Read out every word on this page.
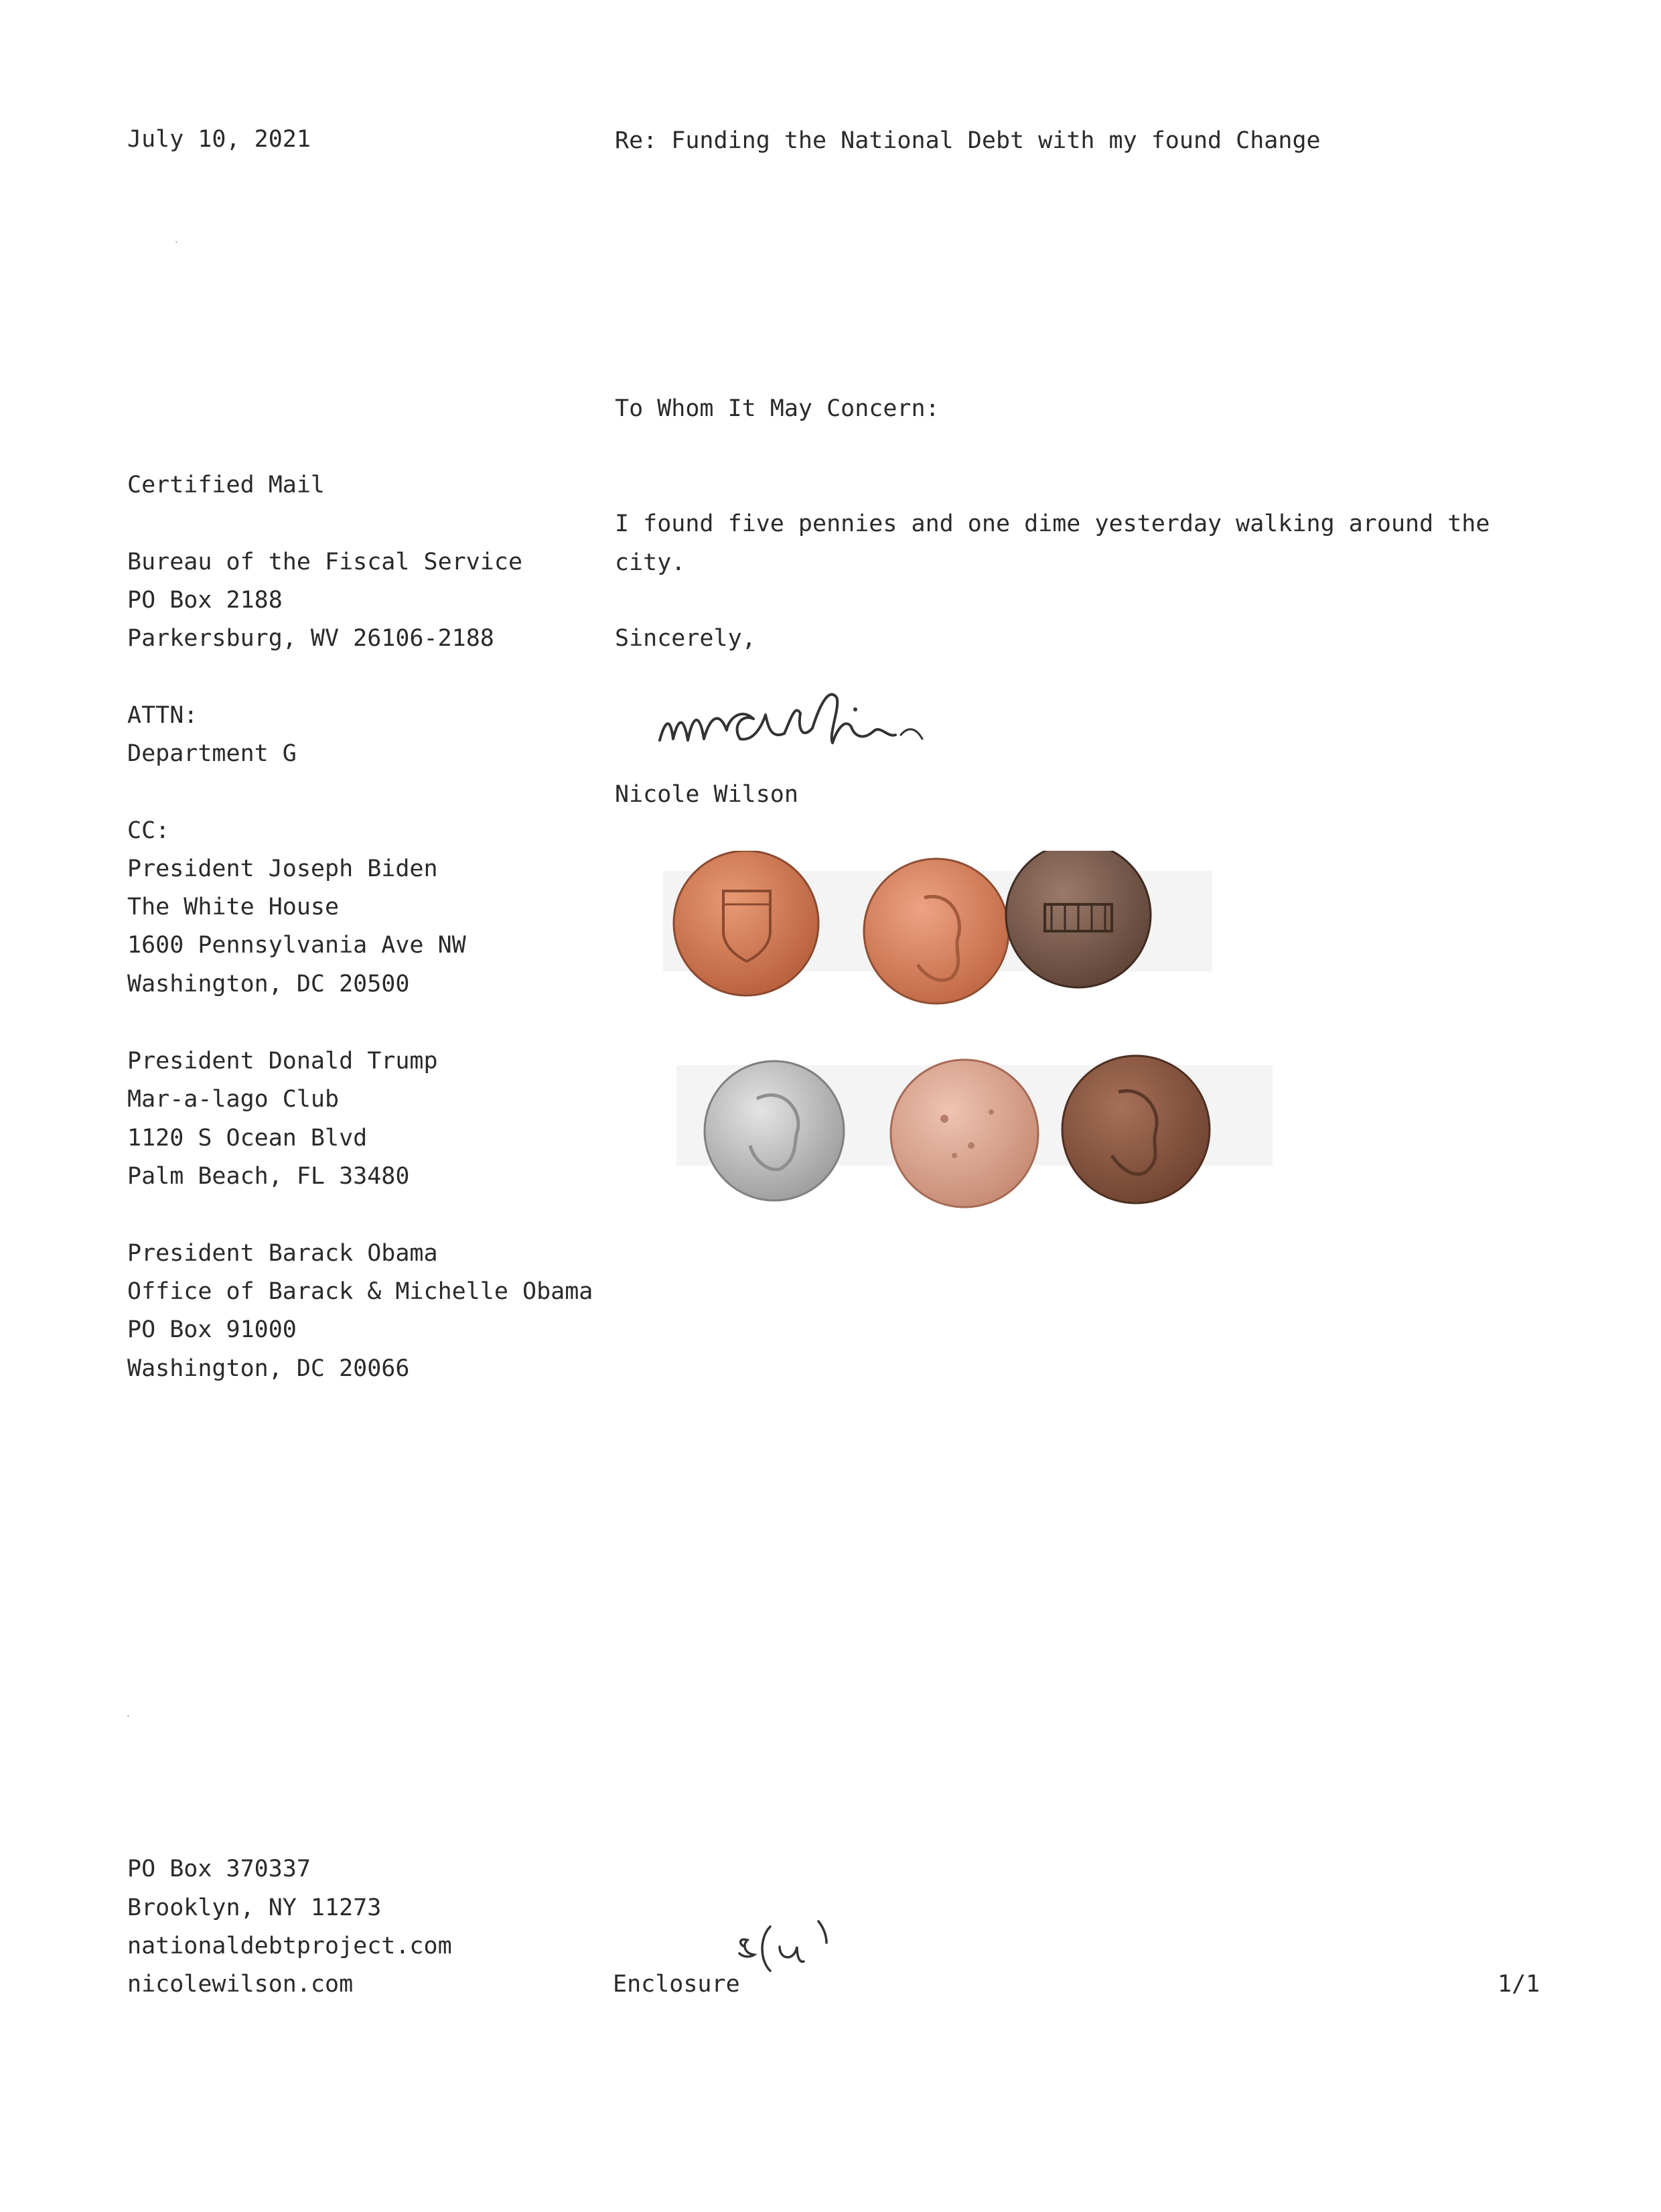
July 10, 2021	Re: Funding the National Debt with my found Change

Certified Mail

Bureau of the Fiscal Service

PO Box 2188

Parkersburg, WV 26106-2188

ATTN:

Department G

CC:

President Joseph Biden

The White House

1600 Pennsylvania Ave NW

Washington, DC 20500

President Donald Trump

Mar-a-lago Club

1120 S Ocean Blvd

Palm Beach, FL 33480

President Barack Obama

Office of Barack & Michelle Obama

PO Box 91000

Washington, DC 20066

To Whom It May Concern:

I found five pennies and one dime yesterday walking around the city.

Sincerely,

Nicole Wilson

PO Box 370337

Brooklyn, NY 11273

nationaldebtproject.com

nicolewilson.com	Enclosure	1/1
